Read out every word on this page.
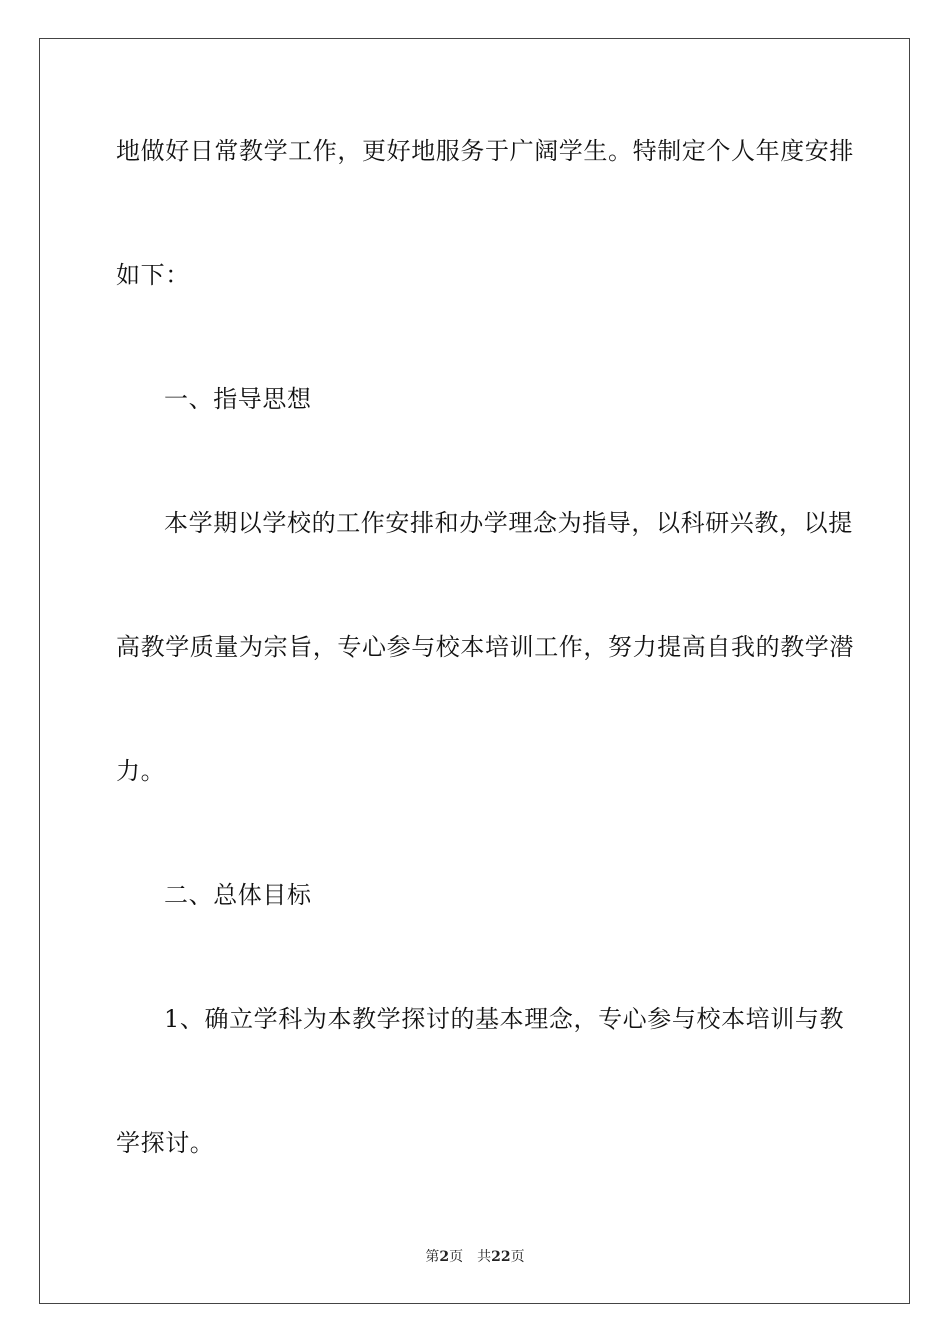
地做好日常教学工作，更好地服务于广阔学生。特制定个人年度安排
如下：
一、指导思想
本学期以学校的工作安排和办学理念为指导，以科研兴教，以提
高教学质量为宗旨，专心参与校本培训工作，努力提高自我的教学潜
力。
二、总体目标
1、确立学科为本教学探讨的基本理念，专心参与校本培训与教
学探讨。
第2页　共22页
